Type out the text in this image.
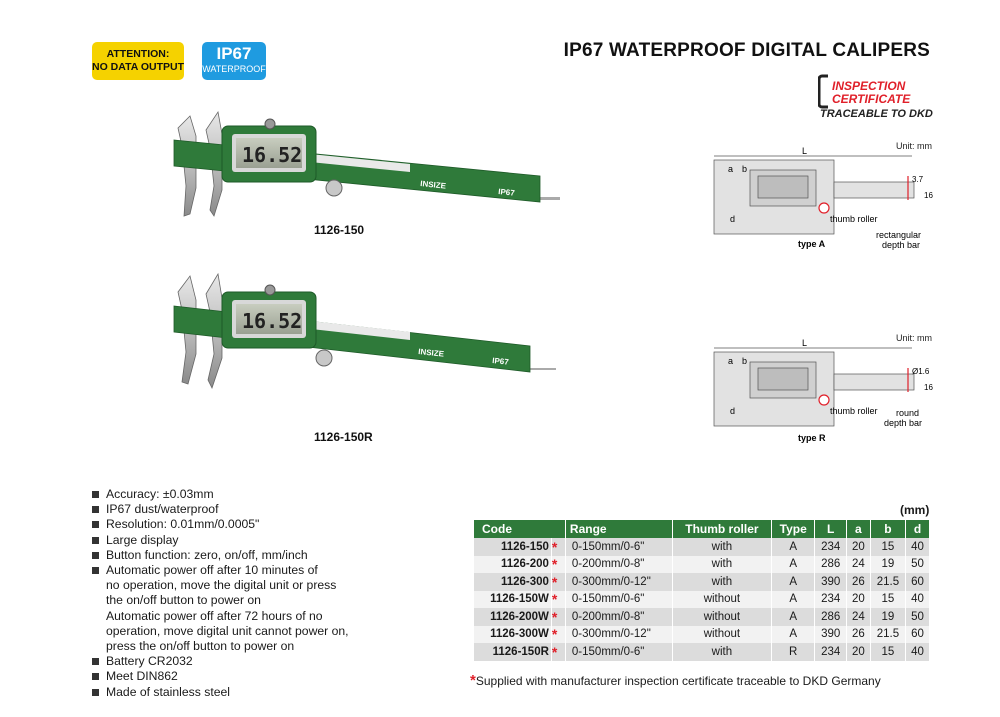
ATTENTION:
NO DATA OUTPUT
IP67
WATERPROOF
IP67 WATERPROOF DIGITAL CALIPERS
INSPECTION
CERTIFICATE
TRACEABLE TO DKD
INSIZE
IP67
16.52
1126-150
INSIZE
IP67
16.52
1126-150R
Unit: mm
L
a b
d
3.7
16
thumb roller
rectangular
depth bar
type A
Unit: mm
L
a b
d
Ø1.6
16
thumb roller round
depth bar
type R
Accuracy: ±0.03mm
IP67 dust/waterproof
Resolution: 0.01mm/0.0005"
Large display
Button function: zero, on/off, mm/inch
Automatic power off after 10 minutes of
no operation, move the digital unit or press
the on/off button to power on
Automatic power off after 72 hours of no
operation, move digital unit cannot power on,
press the on/off button to power on
Battery CR2032
Meet DIN862
Made of stainless steel
(mm)
Code		Range	Thumb roller	Type	L	a	b	d
1126-150	*	0-150mm/0-6"	with	A	234	20	15	40
1126-200	*	0-200mm/0-8"	with	A	286	24	19	50
1126-300	*	0-300mm/0-12"	with	A	390	26	21.5	60
1126-150W	*	0-150mm/0-6"	without	A	234	20	15	40
1126-200W	*	0-200mm/0-8"	without	A	286	24	19	50
1126-300W	*	0-300mm/0-12"	without	A	390	26	21.5	60
1126-150R	*	0-150mm/0-6"	with	R	234	20	15	40
*Supplied with manufacturer inspection certificate traceable to DKD Germany
